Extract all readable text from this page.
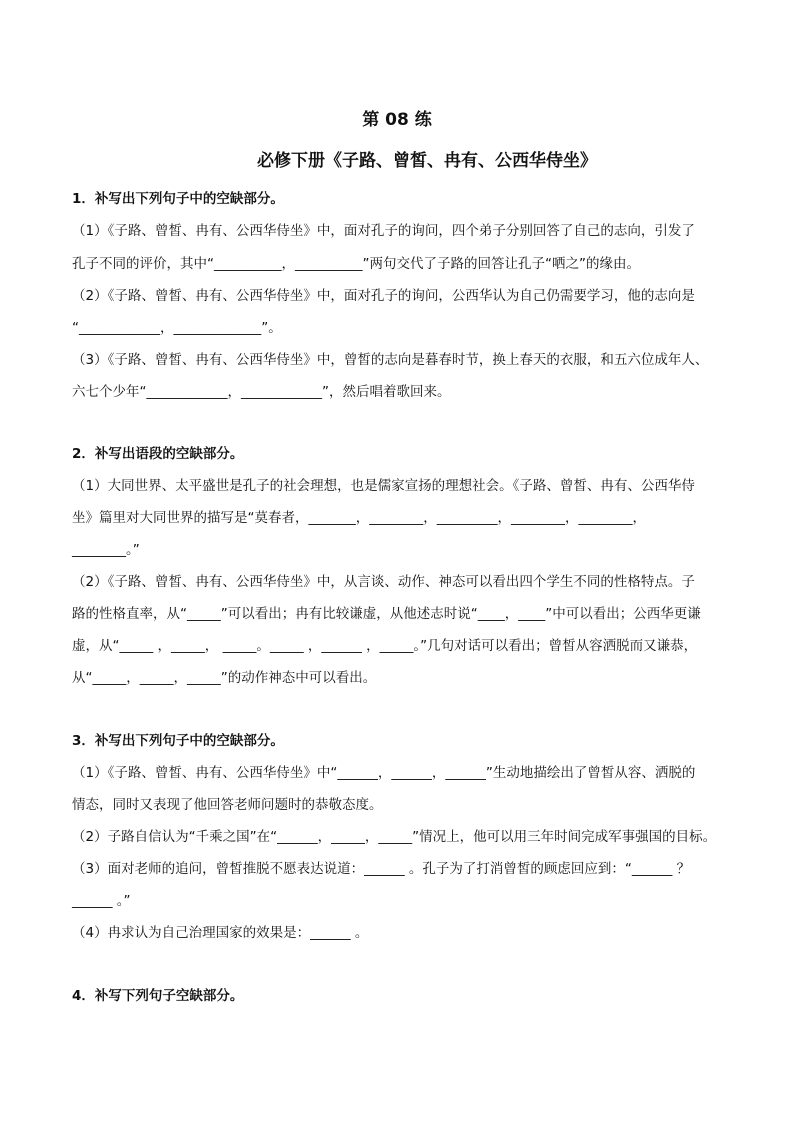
第 08 练
必修下册《子路、曾皙、冉有、公西华侍坐》
1．补写出下列句子中的空缺部分。
（1）《子路、曾皙、冉有、公西华侍坐》中，面对孔子的询问，四个弟子分别回答了自己的志向，引发了
孔子不同的评价，其中“__________，__________”两句交代了子路的回答让孔子“哂之”的缘由。
（2）《子路、曾皙、冉有、公西华侍坐》中，面对孔子的询问，公西华认为自己仍需要学习，他的志向是
“____________，_____________”。
（3）《子路、曾皙、冉有、公西华侍坐》中，曾皙的志向是暮春时节，换上春天的衣服，和五六位成年人、
六七个少年“____________，____________”，然后唱着歌回来。
2．补写出语段的空缺部分。
（1）大同世界、太平盛世是孔子的社会理想，也是儒家宣扬的理想社会。《子路、曾皙、冉有、公西华侍
坐》篇里对大同世界的描写是“莫春者，_______，________，_________，________，________，
________。”
（2）《子路、曾皙、冉有、公西华侍坐》中，从言谈、动作、神态可以看出四个学生不同的性格特点。子
路的性格直率，从“_____”可以看出；冉有比较谦虚，从他述志时说“____，____”中可以看出；公西华更谦
虚，从“_____ ，_____， _____。_____ ，______ ，_____。”几句对话可以看出；曾皙从容洒脱而又谦恭，
从“_____，_____，_____”的动作神态中可以看出。
3．补写出下列句子中的空缺部分。
（1）《子路、曾皙、冉有、公西华侍坐》中“______，______，______”生动地描绘出了曾皙从容、洒脱的
情态，同时又表现了他回答老师问题时的恭敬态度。
（2）子路自信认为“千乘之国”在“______，_____，_____”情况上，他可以用三年时间完成军事强国的目标。
（3）面对老师的追问，曾皙推脱不愿表达说道：______ 。孔子为了打消曾皙的顾虑回应到：“______ ？
______ 。”
（4）冉求认为自己治理国家的效果是：______ 。
4．补写下列句子空缺部分。
